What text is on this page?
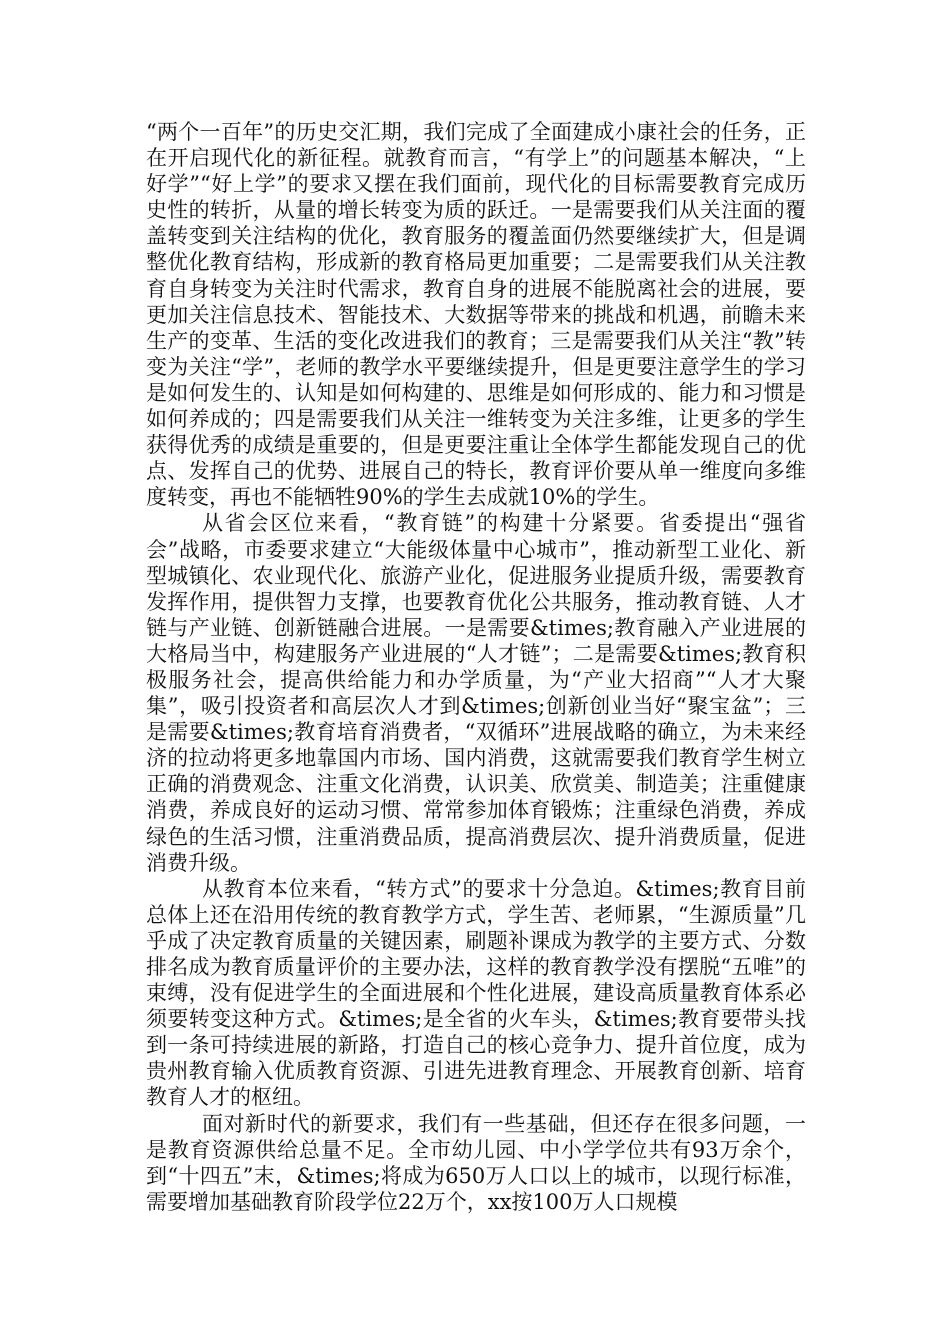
“两个一百年”的历史交汇期，我们完成了全面建成小康社会的任务，正在开启现代化的新征程。就教育而言，“有学上”的问题基本解决，“上好学”“好上学”的要求又摆在我们面前，现代化的目标需要教育完成历史性的转折，从量的增长转变为质的跃迁。一是需要我们从关注面的覆盖转变到关注结构的优化，教育服务的覆盖面仍然要继续扩大，但是调整优化教育结构，形成新的教育格局更加重要；二是需要我们从关注教育自身转变为关注时代需求，教育自身的进展不能脱离社会的进展，要更加关注信息技术、智能技术、大数据等带来的挑战和机遇，前瞻未来生产的变革、生活的变化改进我们的教育；三是需要我们从关注“教”转变为关注“学”，老师的教学水平要继续提升，但是更要注意学生的学习是如何发生的、认知是如何构建的、思维是如何形成的、能力和习惯是如何养成的；四是需要我们从关注一维转变为关注多维，让更多的学生获得优秀的成绩是重要的，但是更要注重让全体学生都能发现自己的优点、发挥自己的优势、进展自己的特长，教育评价要从单一维度向多维度转变，再也不能牺牲90%的学生去成就10%的学生。

从省会区位来看，“教育链”的构建十分紧要。省委提出“强省会”战略，市委要求建立“大能级体量中心城市”，推动新型工业化、新型城镇化、农业现代化、旅游产业化，促进服务业提质升级，需要教育发挥作用，提供智力支撑，也要教育优化公共服务，推动教育链、人才链与产业链、创新链融合进展。一是需要&times;教育融入产业进展的大格局当中，构建服务产业进展的“人才链”；二是需要&times;教育积极服务社会，提高供给能力和办学质量，为“产业大招商”“人才大聚集”，吸引投资者和高层次人才到&times;创新创业当好“聚宝盆”；三是需要&times;教育培育消费者，“双循环”进展战略的确立，为未来经济的拉动将更多地靠国内市场、国内消费，这就需要我们教育学生树立正确的消费观念、注重文化消费，认识美、欣赏美、制造美；注重健康消费，养成良好的运动习惯、常常参加体育锻炼；注重绿色消费，养成绿色的生活习惯，注重消费品质，提高消费层次、提升消费质量，促进消费升级。

从教育本位来看，“转方式”的要求十分急迫。&times;教育目前总体上还在沿用传统的教育教学方式，学生苦、老师累，“生源质量”几乎成了决定教育质量的关键因素，刷题补课成为教学的主要方式、分数排名成为教育质量评价的主要办法，这样的教育教学没有摆脱“五唯”的束缚，没有促进学生的全面进展和个性化进展，建设高质量教育体系必须要转变这种方式。&times;是全省的火车头，&times;教育要带头找到一条可持续进展的新路，打造自己的核心竞争力、提升首位度，成为贵州教育输入优质教育资源、引进先进教育理念、开展教育创新、培育教育人才的枢纽。

面对新时代的新要求，我们有一些基础，但还存在很多问题，一是教育资源供给总量不足。全市幼儿园、中小学学位共有93万余个，到“十四五”末，&times;将成为650万人口以上的城市，以现行标准，需要增加基础教育阶段学位22万个，xx按100万人口规模
